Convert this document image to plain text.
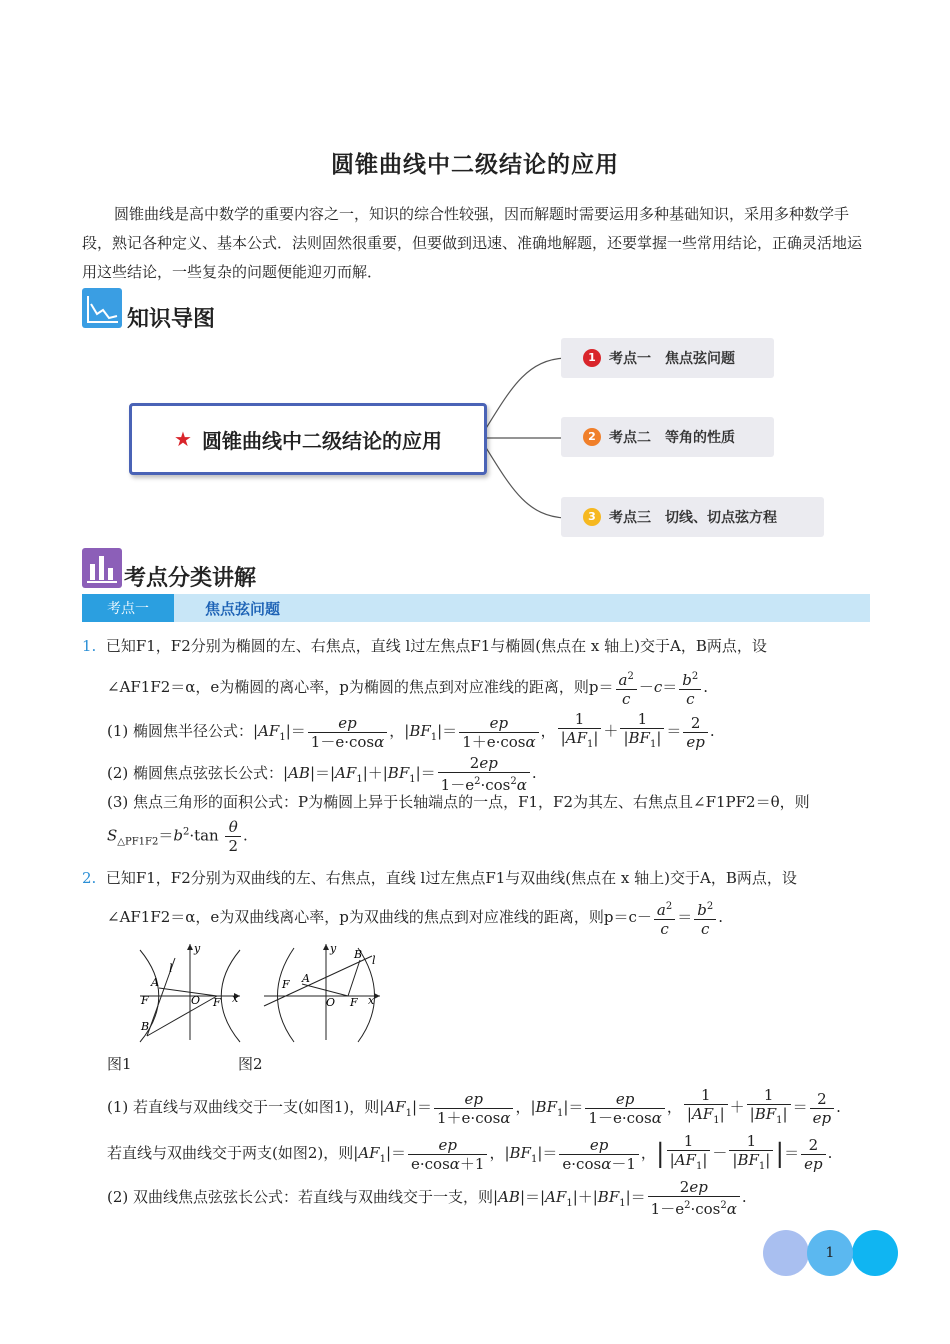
圆锥曲线中二级结论的应用
圆锥曲线是高中数学的重要内容之一，知识的综合性较强，因而解题时需要运用多种基础知识，采用多种数学手段，熟记各种定义、基本公式．法则固然很重要，但要做到迅速、准确地解题，还要掌握一些常用结论，正确灵活地运用这些结论，一些复杂的问题便能迎刃而解．
知识导图
★ 圆锥曲线中二级结论的应用
1 考点一　焦点弦问题
2 考点二　等角的性质
3 考点三　切线、切点弦方程
考点分类讲解
考点一	焦点弦问题
1. 已知F1，F2分别为椭圆的左、右焦点，直线 l过左焦点F1与椭圆(焦点在 x 轴上)交于A，B两点，设
∠AF1F2＝α，e为椭圆的离心率，p为椭圆的焦点到对应准线的距离，则$p= \frac{a^2}{c} -c= \frac{b^2}{c}$ .
(1) 椭圆焦半径公式：$|AF_1|= \frac{ep}{1-e\cdot\cos\alpha}$ ，$|BF_1|= \frac{ep}{1+e\cdot\cos\alpha}$ ， $\frac{1}{|AF_1|} + \frac{1}{|BF_1|} = \frac{2}{ep}$ .
(2) 椭圆焦点弦弦长公式：$|AB|=|AF_1|+|BF_1|= \frac{2ep}{1-e^2\cdot\cos^2\alpha}$ .
(3) 焦点三角形的面积公式：P为椭圆上异于长轴端点的一点，F1，F2为其左、右焦点且∠F1PF2＝θ，则
$S_{\triangle PF1F2}=b^2\cdot\tan \frac{\theta}{2}$ .
2. 已知F1，F2分别为双曲线的左、右焦点，直线 l过左焦点F1与双曲线(焦点在 x 轴上)交于A，B两点，设
∠AF1F2＝α，e为双曲线离心率，p为双曲线的焦点到对应准线的距离，则$p=c- \frac{a^2}{c} = \frac{b^2}{c}$ .
A
l
F	O F x
y
B
F A
O F x
y B l
图1	图2
(1) 若直线与双曲线交于一支(如图1)，则$|AF_1|= \frac{ep}{1+e\cdot\cos\alpha}$ ，$|BF_1|= \frac{ep}{1-e\cdot\cos\alpha}$ ， $\frac{1}{|AF_1|} + \frac{1}{|BF_1|} = \frac{2}{ep}$ .
若直线与双曲线交于两支(如图2)，则$|AF_1|= \frac{ep}{e\cdot\cos\alpha+1}$ ，$|BF_1|= \frac{ep}{e\cdot\cos\alpha-1}$ ，| $\frac{1}{|AF_1|} - \frac{1}{|BF_1|}$ |＝ $\frac{2}{ep}$ .
(2) 双曲线焦点弦弦长公式：若直线与双曲线交于一支，则$|AB|=|AF_1|+|BF_1|= \frac{2ep}{1-e^2\cdot\cos^2\alpha}$ .
1
